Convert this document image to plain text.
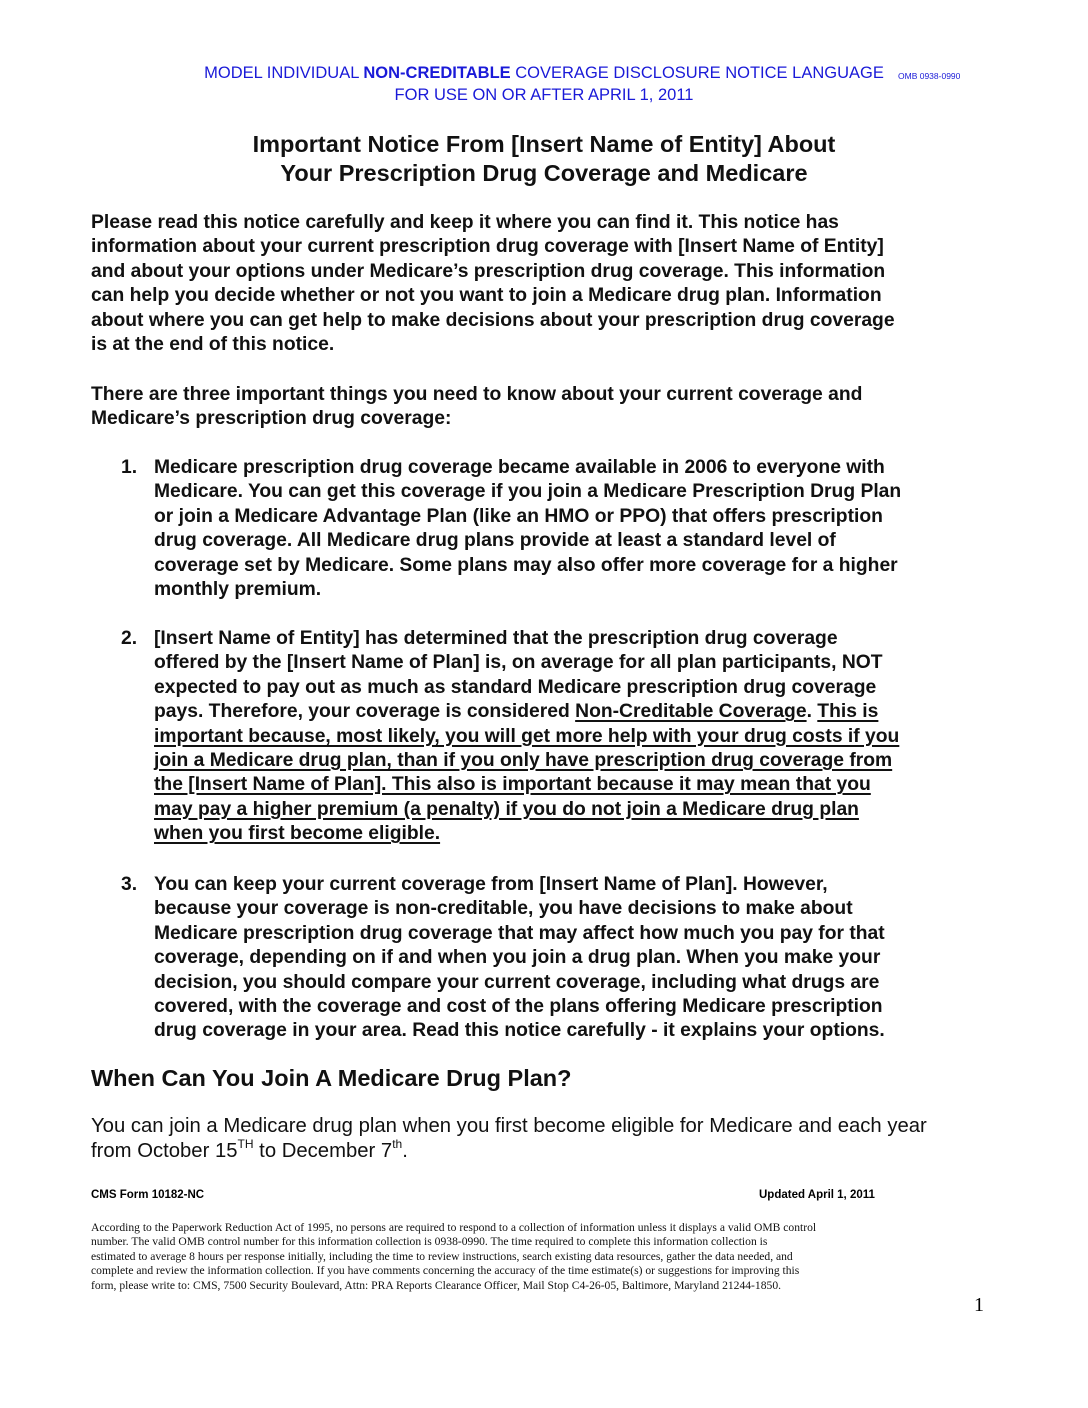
MODEL INDIVIDUAL NON-CREDITABLE COVERAGE DISCLOSURE NOTICE LANGUAGE	OMB 0938-0990
FOR USE ON OR AFTER APRIL 1, 2011
Important Notice From [Insert Name of Entity] About
Your Prescription Drug Coverage and Medicare
Please read this notice carefully and keep it where you can find it. This notice has
information about your current prescription drug coverage with [Insert Name of Entity]
and about your options under Medicare’s prescription drug coverage. This information
can help you decide whether or not you want to join a Medicare drug plan. Information
about where you can get help to make decisions about your prescription drug coverage
is at the end of this notice.
There are three important things you need to know about your current coverage and
Medicare’s prescription drug coverage:
1. Medicare prescription drug coverage became available in 2006 to everyone with
Medicare. You can get this coverage if you join a Medicare Prescription Drug Plan
or join a Medicare Advantage Plan (like an HMO or PPO) that offers prescription
drug coverage. All Medicare drug plans provide at least a standard level of
coverage set by Medicare. Some plans may also offer more coverage for a higher
monthly premium.
2. [Insert Name of Entity] has determined that the prescription drug coverage
offered by the [Insert Name of Plan] is, on average for all plan participants, NOT
expected to pay out as much as standard Medicare prescription drug coverage
pays. Therefore, your coverage is considered Non-Creditable Coverage. This is
important because, most likely, you will get more help with your drug costs if you
join a Medicare drug plan, than if you only have prescription drug coverage from
the [Insert Name of Plan]. This also is important because it may mean that you
may pay a higher premium (a penalty) if you do not join a Medicare drug plan
when you first become eligible.
3. You can keep your current coverage from [Insert Name of Plan]. However,
because your coverage is non-creditable, you have decisions to make about
Medicare prescription drug coverage that may affect how much you pay for that
coverage, depending on if and when you join a drug plan. When you make your
decision, you should compare your current coverage, including what drugs are
covered, with the coverage and cost of the plans offering Medicare prescription
drug coverage in your area. Read this notice carefully - it explains your options.
When Can You Join A Medicare Drug Plan?
You can join a Medicare drug plan when you first become eligible for Medicare and each year
from October 15TH to December 7th.
CMS Form 10182-NC	Updated April 1, 2011
According to the Paperwork Reduction Act of 1995, no persons are required to respond to a collection of information unless it displays a valid OMB control
number. The valid OMB control number for this information collection is 0938-0990. The time required to complete this information collection is
estimated to average 8 hours per response initially, including the time to review instructions, search existing data resources, gather the data needed, and
complete and review the information collection. If you have comments concerning the accuracy of the time estimate(s) or suggestions for improving this
form, please write to: CMS, 7500 Security Boulevard, Attn: PRA Reports Clearance Officer, Mail Stop C4-26-05, Baltimore, Maryland 21244-1850.
1
